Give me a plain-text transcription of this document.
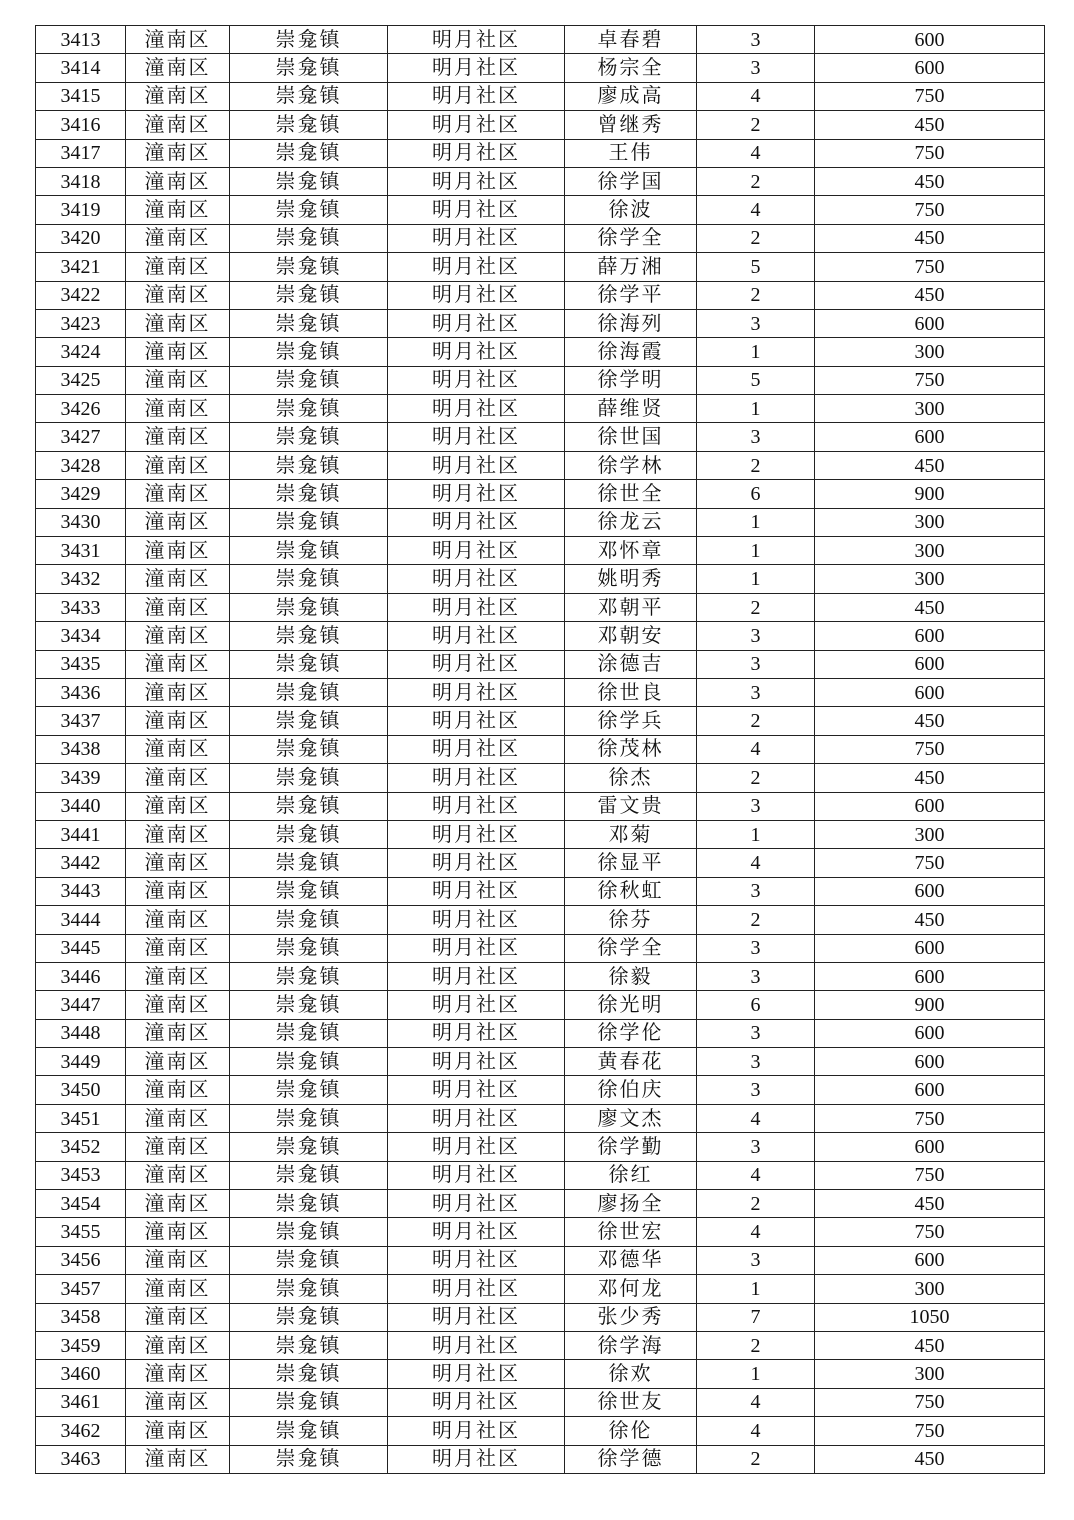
3413	潼南区	崇龛镇	明月社区	卓春碧	3	600
3414	潼南区	崇龛镇	明月社区	杨宗全	3	600
3415	潼南区	崇龛镇	明月社区	廖成高	4	750
3416	潼南区	崇龛镇	明月社区	曾继秀	2	450
3417	潼南区	崇龛镇	明月社区	王伟	4	750
3418	潼南区	崇龛镇	明月社区	徐学国	2	450
3419	潼南区	崇龛镇	明月社区	徐波	4	750
3420	潼南区	崇龛镇	明月社区	徐学全	2	450
3421	潼南区	崇龛镇	明月社区	薛万湘	5	750
3422	潼南区	崇龛镇	明月社区	徐学平	2	450
3423	潼南区	崇龛镇	明月社区	徐海列	3	600
3424	潼南区	崇龛镇	明月社区	徐海霞	1	300
3425	潼南区	崇龛镇	明月社区	徐学明	5	750
3426	潼南区	崇龛镇	明月社区	薛维贤	1	300
3427	潼南区	崇龛镇	明月社区	徐世国	3	600
3428	潼南区	崇龛镇	明月社区	徐学林	2	450
3429	潼南区	崇龛镇	明月社区	徐世全	6	900
3430	潼南区	崇龛镇	明月社区	徐龙云	1	300
3431	潼南区	崇龛镇	明月社区	邓怀章	1	300
3432	潼南区	崇龛镇	明月社区	姚明秀	1	300
3433	潼南区	崇龛镇	明月社区	邓朝平	2	450
3434	潼南区	崇龛镇	明月社区	邓朝安	3	600
3435	潼南区	崇龛镇	明月社区	涂德吉	3	600
3436	潼南区	崇龛镇	明月社区	徐世良	3	600
3437	潼南区	崇龛镇	明月社区	徐学兵	2	450
3438	潼南区	崇龛镇	明月社区	徐茂林	4	750
3439	潼南区	崇龛镇	明月社区	徐杰	2	450
3440	潼南区	崇龛镇	明月社区	雷文贵	3	600
3441	潼南区	崇龛镇	明月社区	邓菊	1	300
3442	潼南区	崇龛镇	明月社区	徐显平	4	750
3443	潼南区	崇龛镇	明月社区	徐秋虹	3	600
3444	潼南区	崇龛镇	明月社区	徐芬	2	450
3445	潼南区	崇龛镇	明月社区	徐学全	3	600
3446	潼南区	崇龛镇	明月社区	徐毅	3	600
3447	潼南区	崇龛镇	明月社区	徐光明	6	900
3448	潼南区	崇龛镇	明月社区	徐学伦	3	600
3449	潼南区	崇龛镇	明月社区	黄春花	3	600
3450	潼南区	崇龛镇	明月社区	徐伯庆	3	600
3451	潼南区	崇龛镇	明月社区	廖文杰	4	750
3452	潼南区	崇龛镇	明月社区	徐学勤	3	600
3453	潼南区	崇龛镇	明月社区	徐红	4	750
3454	潼南区	崇龛镇	明月社区	廖扬全	2	450
3455	潼南区	崇龛镇	明月社区	徐世宏	4	750
3456	潼南区	崇龛镇	明月社区	邓德华	3	600
3457	潼南区	崇龛镇	明月社区	邓何龙	1	300
3458	潼南区	崇龛镇	明月社区	张少秀	7	1050
3459	潼南区	崇龛镇	明月社区	徐学海	2	450
3460	潼南区	崇龛镇	明月社区	徐欢	1	300
3461	潼南区	崇龛镇	明月社区	徐世友	4	750
3462	潼南区	崇龛镇	明月社区	徐伦	4	750
3463	潼南区	崇龛镇	明月社区	徐学德	2	450
